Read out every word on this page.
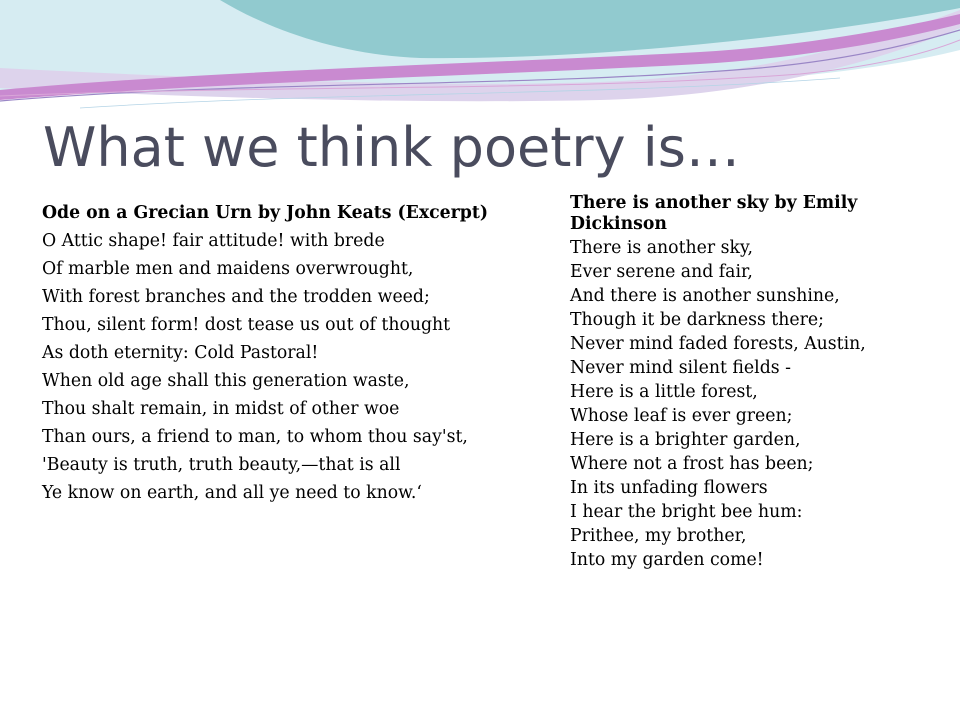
What we think poetry is…
Ode on a Grecian Urn by John Keats (Excerpt)
O Attic shape! fair attitude! with brede
Of marble men and maidens overwrought,
With forest branches and the trodden weed;
Thou, silent form! dost tease us out of thought
As doth eternity: Cold Pastoral!
When old age shall this generation waste,
Thou shalt remain, in midst of other woe
Than ours, a friend to man, to whom thou say'st,
'Beauty is truth, truth beauty,—that is all
Ye know on earth, and all ye need to know.‘
There is another sky by Emily Dickinson
There is another sky,
Ever serene and fair,
And there is another sunshine,
Though it be darkness there;
Never mind faded forests, Austin,
Never mind silent fields -
Here is a little forest,
Whose leaf is ever green;
Here is a brighter garden,
Where not a frost has been;
In its unfading flowers
I hear the bright bee hum:
Prithee, my brother,
Into my garden come!
